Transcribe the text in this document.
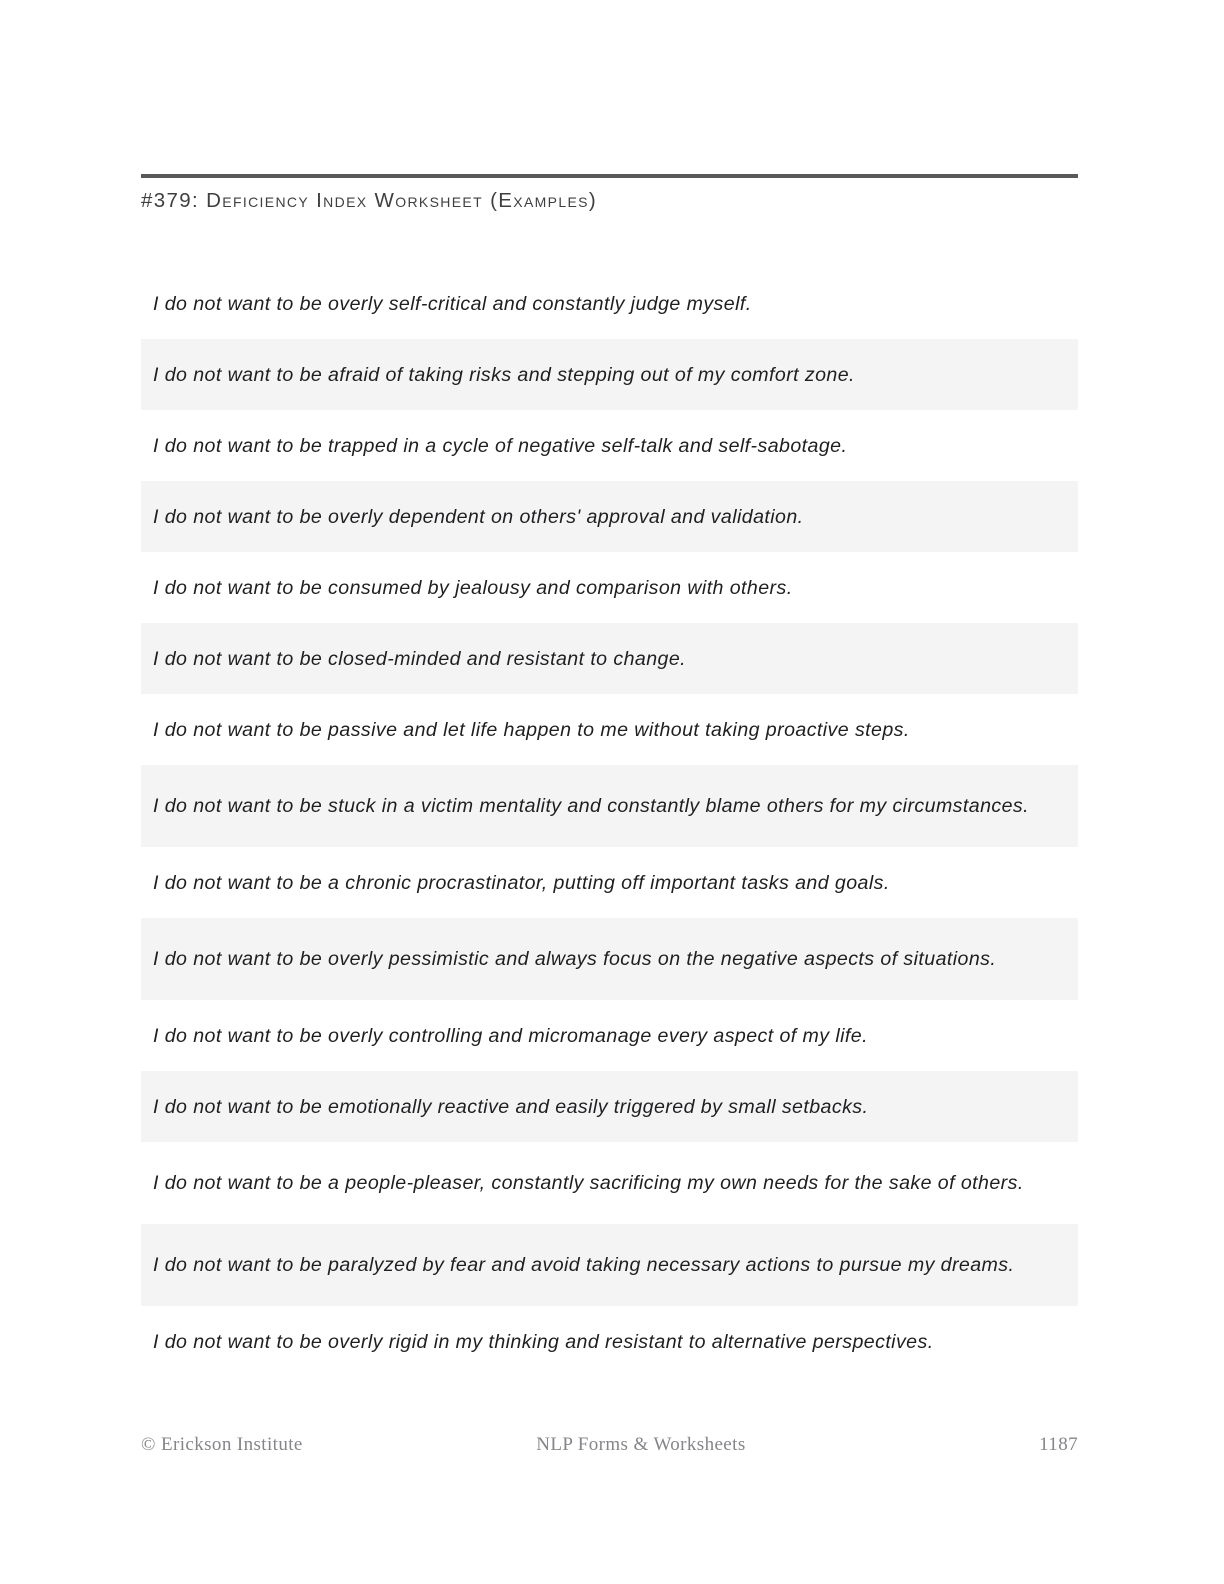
#379: Deficiency Index Worksheet (Examples)
I do not want to be overly self-critical and constantly judge myself.
I do not want to be afraid of taking risks and stepping out of my comfort zone.
I do not want to be trapped in a cycle of negative self-talk and self-sabotage.
I do not want to be overly dependent on others' approval and validation.
I do not want to be consumed by jealousy and comparison with others.
I do not want to be closed-minded and resistant to change.
I do not want to be passive and let life happen to me without taking proactive steps.
I do not want to be stuck in a victim mentality and constantly blame others for my circumstances.
I do not want to be a chronic procrastinator, putting off important tasks and goals.
I do not want to be overly pessimistic and always focus on the negative aspects of situations.
I do not want to be overly controlling and micromanage every aspect of my life.
I do not want to be emotionally reactive and easily triggered by small setbacks.
I do not want to be a people-pleaser, constantly sacrificing my own needs for the sake of others.
I do not want to be paralyzed by fear and avoid taking necessary actions to pursue my dreams.
I do not want to be overly rigid in my thinking and resistant to alternative perspectives.
© Erickson Institute	NLP Forms & Worksheets	1187
